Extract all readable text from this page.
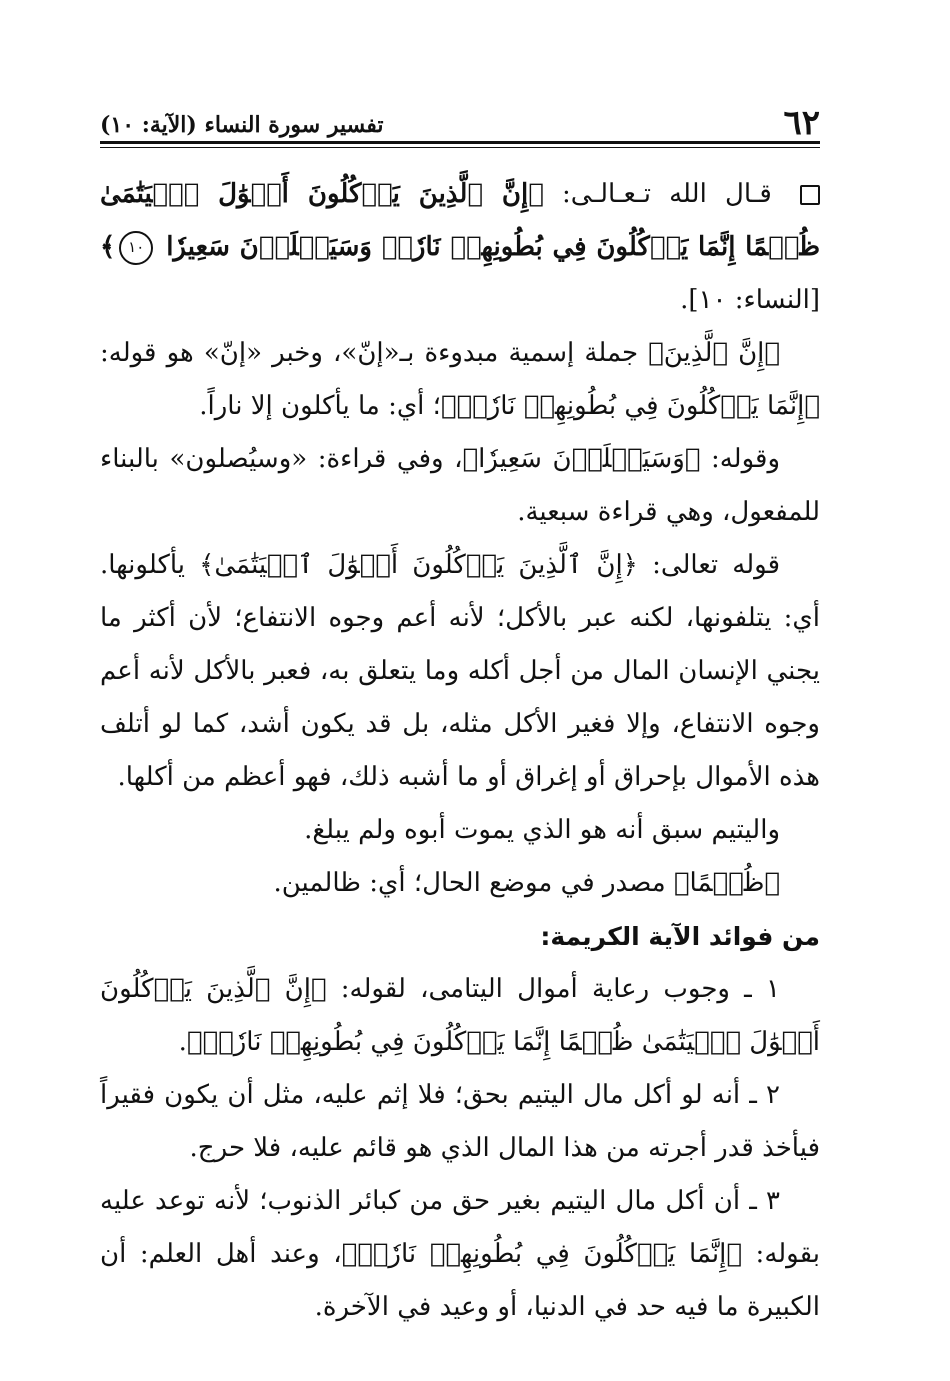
٦٢
تفسير سورة النساء (الآية: ١٠)

قـال الله تـعـالـى: ﴿إِنَّ ٱلَّذِينَ يَأۡكُلُونَ أَمۡوَٰلَ ٱلۡيَتَٰمَىٰ ظُلۡمًا إِنَّمَا يَأۡكُلُونَ فِي بُطُونِهِمۡ نَارٗاۖ وَسَيَصۡلَوۡنَ سَعِيرٗا ١٠﴾ [النساء: ١٠].

﴿إِنَّ ٱلَّذِينَ﴾ جملة إسمية مبدوءة بـ«إنّ»، وخبر «إنّ» هو قوله: ﴿إِنَّمَا يَأۡكُلُونَ فِي بُطُونِهِمۡ نَارٗاۖ﴾؛ أي: ما يأكلون إلا ناراً.

وقوله: ﴿وَسَيَصۡلَوۡنَ سَعِيرٗا﴾، وفي قراءة: «وسيُصلون» بالبناء للمفعول، وهي قراءة سبعية.

قوله تعالى: ﴿إِنَّ ٱلَّذِينَ يَأۡكُلُونَ أَمۡوَٰلَ ٱلۡيَتَٰمَىٰ﴾ يأكلونها. أي: يتلفونها، لكنه عبر بالأكل؛ لأنه أعم وجوه الانتفاع؛ لأن أكثر ما يجني الإنسان المال من أجل أكله وما يتعلق به، فعبر بالأكل لأنه أعم وجوه الانتفاع، وإلا فغير الأكل مثله، بل قد يكون أشد، كما لو أتلف هذه الأموال بإحراق أو إغراق أو ما أشبه ذلك، فهو أعظم من أكلها.

واليتيم سبق أنه هو الذي يموت أبوه ولم يبلغ.

﴿ظُلۡمًا﴾ مصدر في موضع الحال؛ أي: ظالمين.

من فوائد الآية الكريمة:

١ ـ وجوب رعاية أموال اليتامى، لقوله: ﴿إِنَّ ٱلَّذِينَ يَأۡكُلُونَ أَمۡوَٰلَ ٱلۡيَتَٰمَىٰ ظُلۡمًا إِنَّمَا يَأۡكُلُونَ فِي بُطُونِهِمۡ نَارٗاۖ﴾.

٢ ـ أنه لو أكل مال اليتيم بحق؛ فلا إثم عليه، مثل أن يكون فقيراً فيأخذ قدر أجرته من هذا المال الذي هو قائم عليه، فلا حرج.

٣ ـ أن أكل مال اليتيم بغير حق من كبائر الذنوب؛ لأنه توعد عليه بقوله: ﴿إِنَّمَا يَأۡكُلُونَ فِي بُطُونِهِمۡ نَارٗاۖ﴾، وعند أهل العلم: أن الكبيرة ما فيه حد في الدنيا، أو وعيد في الآخرة.
